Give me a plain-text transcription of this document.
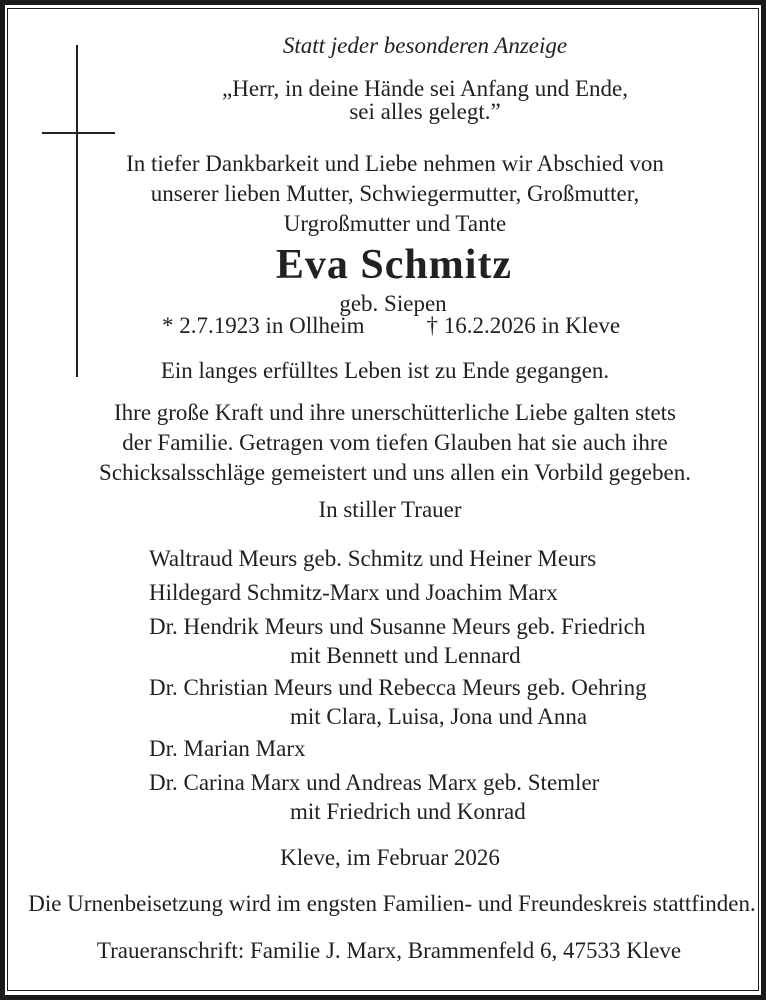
Statt jeder besonderen Anzeige
„Herr, in deine Hände sei Anfang und Ende,
sei alles gelegt.”
In tiefer Dankbarkeit und Liebe nehmen wir Abschied von
unserer lieben Mutter, Schwiegermutter, Großmutter,
Urgroßmutter und Tante
Eva Schmitz
geb. Siepen
* 2.7.1923 in Ollheim	† 16.2.2026 in Kleve
Ein langes erfülltes Leben ist zu Ende gegangen.
Ihre große Kraft und ihre unerschütterliche Liebe galten stets
der Familie. Getragen vom tiefen Glauben hat sie auch ihre
Schicksalsschläge gemeistert und uns allen ein Vorbild gegeben.
In stiller Trauer
Waltraud Meurs geb. Schmitz und Heiner Meurs
Hildegard Schmitz-Marx und Joachim Marx
Dr. Hendrik Meurs und Susanne Meurs geb. Friedrich
mit Bennett und Lennard
Dr. Christian Meurs und Rebecca Meurs geb. Oehring
mit Clara, Luisa, Jona und Anna
Dr. Marian Marx
Dr. Carina Marx und Andreas Marx geb. Stemler
mit Friedrich und Konrad
Kleve, im Februar 2026
Die Urnenbeisetzung wird im engsten Familien- und Freundeskreis stattfinden.
Traueranschrift: Familie J. Marx, Brammenfeld 6, 47533 Kleve
